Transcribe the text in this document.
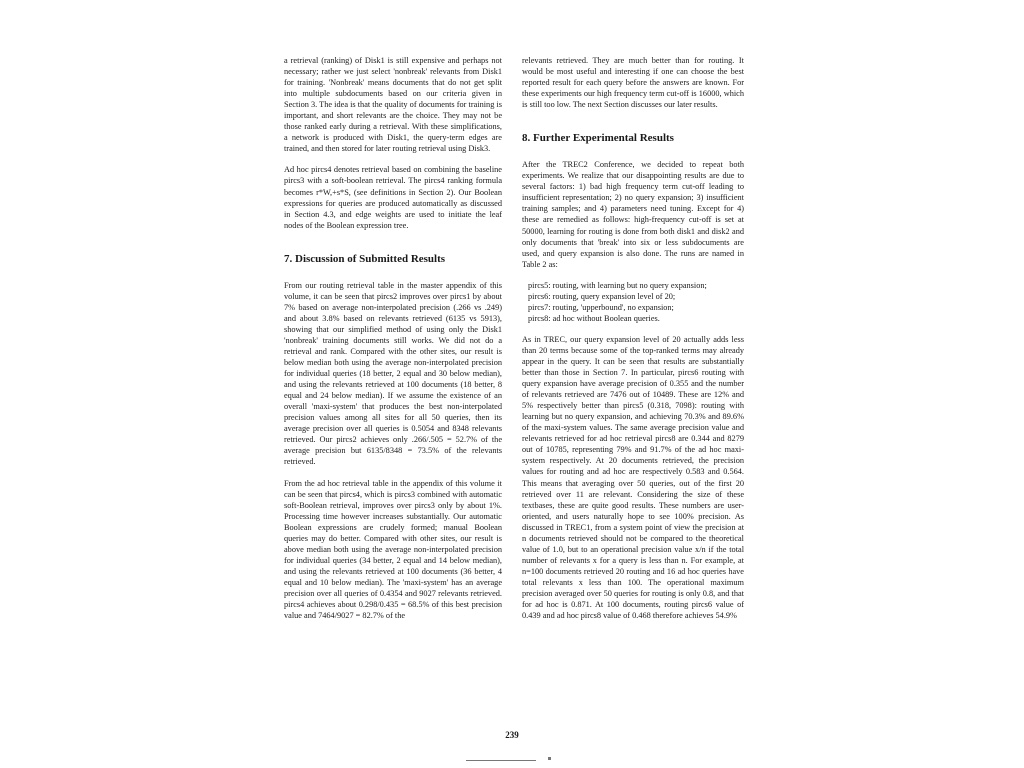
a retrieval (ranking) of Disk1 is still expensive and perhaps not necessary; rather we just select 'nonbreak' relevants from Disk1 for training. 'Nonbreak' means documents that do not get split into multiple subdocuments based on our criteria given in Section 3. The idea is that the quality of documents for training is important, and short relevants are the choice. They may not be those ranked early during a retrieval. With these simplifications, a network is produced with Disk1, the query-term edges are trained, and then stored for later routing retrieval using Disk3.

Ad hoc pircs4 denotes retrieval based on combining the baseline pircs3 with a soft-boolean retrieval. The pircs4 ranking formula becomes r*W,+s*S, (see definitions in Section 2). Our Boolean expressions for queries are produced automatically as discussed in Section 4.3, and edge weights are used to initiate the leaf nodes of the Boolean expression tree.

7. Discussion of Submitted Results

From our routing retrieval table in the master appendix of this volume, it can be seen that pircs2 improves over pircs1 by about 7% based on average non-interpolated precision (.266 vs .249) and about 3.8% based on relevants retrieved (6135 vs 5913), showing that our simplified method of using only the Disk1 'nonbreak' training documents still works. We did not do a retrieval and rank. Compared with the other sites, our result is below median both using the average non-interpolated precision for individual queries (18 better, 2 equal and 30 below median), and using the relevants retrieved at 100 documents (18 better, 8 equal and 24 below median). If we assume the existence of an overall 'maxi-system' that produces the best non-interpolated precision values among all sites for all 50 queries, then its average precision over all queries is 0.5054 and 8348 relevants retrieved. Our pircs2 achieves only .266/.505 = 52.7% of the average precision but 6135/8348 = 73.5% of the relevants retrieved.

From the ad hoc retrieval table in the appendix of this volume it can be seen that pircs4, which is pircs3 combined with automatic soft-Boolean retrieval, improves over pircs3 only by about 1%. Processing time however increases substantially. Our automatic Boolean expressions are crudely formed; manual Boolean queries may do better. Compared with other sites, our result is above median both using the average non-interpolated precision for individual queries (34 better, 2 equal and 14 below median), and using the relevants retrieved at 100 documents (36 better, 4 equal and 10 below median). The 'maxi-system' has an average precision over all queries of 0.4354 and 9027 relevants retrieved. pircs4 achieves about 0.298/0.435 = 68.5% of this best precision value and 7464/9027 = 82.7% of the

relevants retrieved. They are much better than for routing. It would be most useful and interesting if one can choose the best reported result for each query before the answers are known. For these experiments our high frequency term cut-off is 16000, which is still too low. The next Section discusses our later results.

8. Further Experimental Results

After the TREC2 Conference, we decided to repeat both experiments. We realize that our disappointing results are due to several factors: 1) bad high frequency term cut-off leading to insufficient representation; 2) no query expansion; 3) insufficient training samples; and 4) parameters need tuning. Except for 4) these are remedied as follows: high-frequency cut-off is set at 50000, learning for routing is done from both disk1 and disk2 and only documents that 'break' into six or less subdocuments are used, and query expansion is also done. The runs are named in Table 2 as:

pircs5: routing, with learning but no query expansion;
pircs6: routing, query expansion level of 20;
pircs7: routing, 'upperbound', no expansion;
pircs8: ad hoc without Boolean queries.

As in TREC, our query expansion level of 20 actually adds less than 20 terms because some of the top-ranked terms may already appear in the query. It can be seen that results are substantially better than those in Section 7. In particular, pircs6 routing with query expansion have average precision of 0.355 and the number of relevants retrieved are 7476 out of 10489. These are 12% and 5% respectively better than pircs5 (0.318, 7098): routing with learning but no query expansion, and achieving 70.3% and 89.6% of the maxi-system values. The same average precision value and relevants retrieved for ad hoc retrieval pircs8 are 0.344 and 8279 out of 10785, representing 79% and 91.7% of the ad hoc maxi-system respectively. At 20 documents retrieved, the precision values for routing and ad hoc are respectively 0.583 and 0.564. This means that averaging over 50 queries, out of the first 20 retrieved over 11 are relevant. Considering the size of these textbases, these are quite good results. These numbers are user-oriented, and users naturally hope to see 100% precision. As discussed in TREC1, from a system point of view the precision at n documents retrieved should not be compared to the theoretical value of 1.0, but to an operational precision value x/n if the total number of relevants x for a query is less than n. For example, at n=100 documents retrieved 20 routing and 16 ad hoc queries have total relevants x less than 100. The operational maximum precision averaged over 50 queries for routing is only 0.8, and that for ad hoc is 0.871. At 100 documents, routing pircs6 value of 0.439 and ad hoc pircs8 value of 0.468 therefore achieves 54.9%

239
